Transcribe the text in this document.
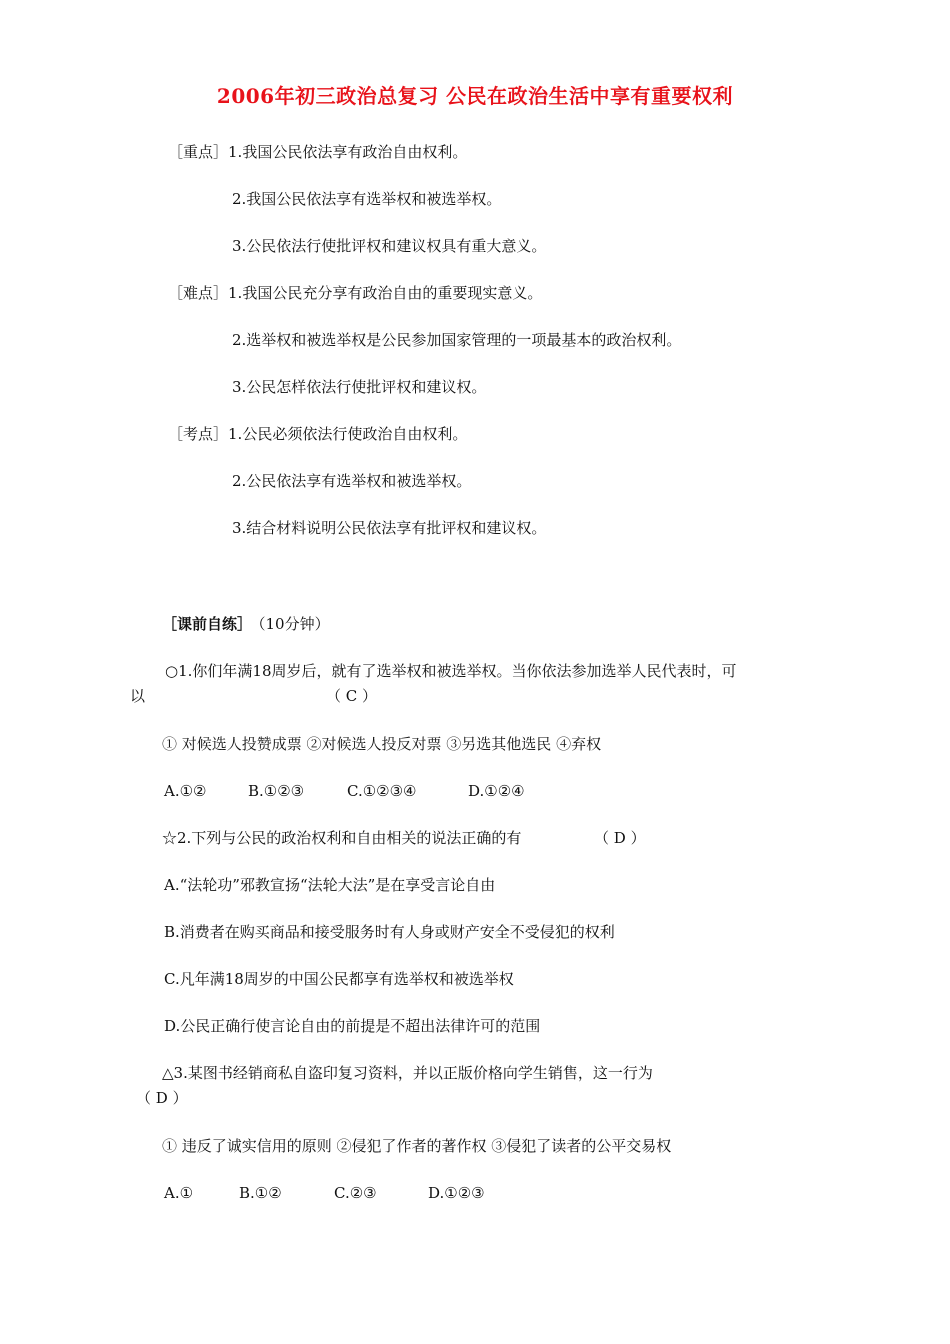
2006年初三政治总复习 公民在政治生活中享有重要权利
［重点］1.我国公民依法享有政治自由权利。
2.我国公民依法享有选举权和被选举权。
3.公民依法行使批评权和建议权具有重大意义。
［难点］1.我国公民充分享有政治自由的重要现实意义。
2.选举权和被选举权是公民参加国家管理的一项最基本的政治权利。
3.公民怎样依法行使批评权和建议权。
［考点］1.公民必须依法行使政治自由权利。
2.公民依法享有选举权和被选举权。
3.结合材料说明公民依法享有批评权和建议权。
［课前自练］ （10分钟）
○1.你们年满18周岁后，就有了选举权和被选举权。当你依法参加选举人民代表时，可
以	（ C ）
① 对候选人投赞成票 ②对候选人投反对票 ③另选其他选民 ④弃权
A.①②	B.①②③	C.①②③④	D.①②④
☆2.下列与公民的政治权利和自由相关的说法正确的有	（ D ）
A.“法轮功”邪教宣扬“法轮大法”是在享受言论自由
B.消费者在购买商品和接受服务时有人身或财产安全不受侵犯的权利
C.凡年满18周岁的中国公民都享有选举权和被选举权
D.公民正确行使言论自由的前提是不超出法律许可的范围
△3.某图书经销商私自盗印复习资料，并以正版价格向学生销售，这一行为
（ D ）
① 违反了诚实信用的原则 ②侵犯了作者的著作权 ③侵犯了读者的公平交易权
A.①	B.①②	C.②③	D.①②③
